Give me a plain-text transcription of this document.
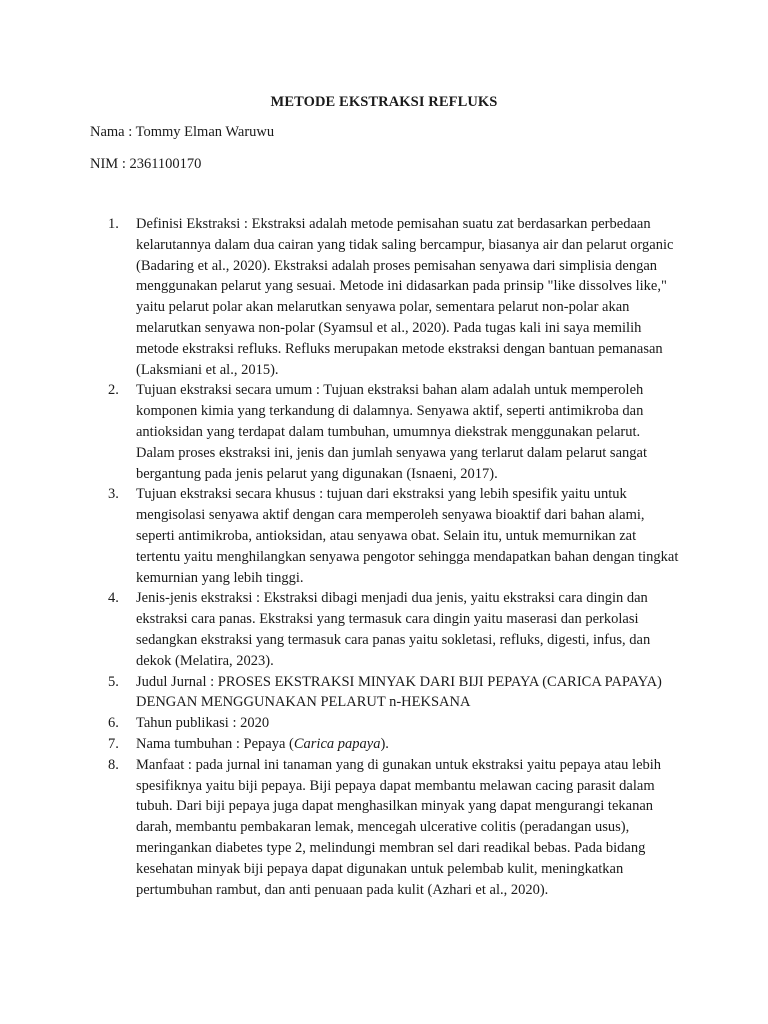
METODE EKSTRAKSI REFLUKS
Nama : Tommy Elman Waruwu
NIM : 2361100170
1. Definisi Ekstraksi : Ekstraksi adalah metode pemisahan suatu zat berdasarkan perbedaan kelarutannya dalam dua cairan yang tidak saling bercampur, biasanya air dan pelarut organic (Badaring et al., 2020). Ekstraksi adalah proses pemisahan senyawa dari simplisia dengan menggunakan pelarut yang sesuai. Metode ini didasarkan pada prinsip "like dissolves like," yaitu pelarut polar akan melarutkan senyawa polar, sementara pelarut non-polar akan melarutkan senyawa non-polar (Syamsul et al., 2020). Pada tugas kali ini saya memilih metode ekstraksi refluks. Refluks merupakan metode ekstraksi dengan bantuan pemanasan (Laksmiani et al., 2015).
2. Tujuan ekstraksi secara umum : Tujuan ekstraksi bahan alam adalah untuk memperoleh komponen kimia yang terkandung di dalamnya. Senyawa aktif, seperti antimikroba dan antioksidan yang terdapat dalam tumbuhan, umumnya diekstrak menggunakan pelarut. Dalam proses ekstraksi ini, jenis dan jumlah senyawa yang terlarut dalam pelarut sangat bergantung pada jenis pelarut yang digunakan (Isnaeni, 2017).
3. Tujuan ekstraksi secara khusus : tujuan dari ekstraksi yang lebih spesifik yaitu untuk mengisolasi senyawa aktif dengan cara memperoleh senyawa bioaktif dari bahan alami, seperti antimikroba, antioksidan, atau senyawa obat. Selain itu, untuk memurnikan zat tertentu yaitu menghilangkan senyawa pengotor sehingga mendapatkan bahan dengan tingkat kemurnian yang lebih tinggi.
4. Jenis-jenis ekstraksi : Ekstraksi dibagi menjadi dua jenis, yaitu ekstraksi cara dingin dan ekstraksi cara panas. Ekstraksi yang termasuk cara dingin yaitu maserasi dan perkolasi sedangkan ekstraksi yang termasuk cara panas yaitu sokletasi, refluks, digesti, infus, dan dekok (Melatira, 2023).
5. Judul Jurnal : PROSES EKSTRAKSI MINYAK DARI BIJI PEPAYA (CARICA PAPAYA) DENGAN MENGGUNAKAN PELARUT n-HEKSANA
6. Tahun publikasi : 2020
7. Nama tumbuhan : Pepaya (Carica papaya).
8. Manfaat : pada jurnal ini tanaman yang di gunakan untuk ekstraksi yaitu pepaya atau lebih spesifiknya yaitu biji pepaya. Biji pepaya dapat membantu melawan cacing parasit dalam tubuh. Dari biji pepaya juga dapat menghasilkan minyak yang dapat mengurangi tekanan darah, membantu pembakaran lemak, mencegah ulcerative colitis (peradangan usus), meringankan diabetes type 2, melindungi membran sel dari readikal bebas. Pada bidang kesehatan minyak biji pepaya dapat digunakan untuk pelembab kulit, meningkatkan pertumbuhan rambut, dan anti penuaan pada kulit (Azhari et al., 2020).
